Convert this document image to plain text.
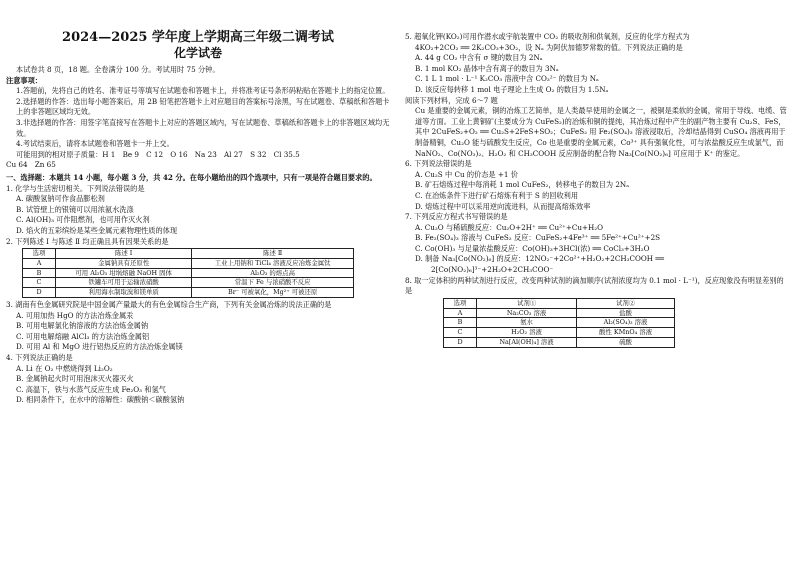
2024—2025 学年度上学期高三年级二调考试
化学试卷

本试卷共 8 页，18 题。全卷满分 100 分。考试用时 75 分钟。

注意事项：

1.答题前，先将自己的姓名、准考证号等填写在试题卷和答题卡上，并将准考证号条形码粘贴在答题卡上的指定位置。

2.选择题的作答：选出每小题答案后，用 2B 铅笔把答题卡上对应题目的答案标号涂黑，写在试题卷、草稿纸和答题卡上的非答题区域均无效。

3.非选择题的作答：用签字笔直接写在答题卡上对应的答题区域内，写在试题卷、草稿纸和答题卡上的非答题区域均无效。

4.考试结束后，请将本试题卷和答题卡一并上交。

可能用到的相对原子质量：H 1　Be 9　C 12　O 16　Na 23　Al 27　S 32　Cl 35.5

Cu 64　Zn 65

一、选择题：本题共 14 小题，每小题 3 分，共 42 分。在每小题给出的四个选项中，只有一项是符合题目要求的。

1. 化学与生活密切相关。下列说法错误的是

A. 碳酸氢钠可作食品膨松剂

B. 试管壁上的银镜可以用浓氨水洗涤

C. Al(OH)₃ 可作阻燃剂，也可用作灭火剂

D. 焰火的五彩缤纷是某些金属元素物理性质的体现

2. 下列陈述 Ⅰ 与陈述 Ⅱ 均正确且具有因果关系的是

选项	陈述 Ⅰ	陈述 Ⅱ
A	金属钠具有还原性	工业上用钠和 TiCl₄ 溶液反应冶炼金属钛
B	可用 Al₂O₃ 坩埚熔融 NaOH 固体	Al₂O₃ 的熔点高
C	铁罐车可用于运输浓硝酸	常温下 Fe 与浓硝酸不反应
D	利用海水制取溴和镁单质	Br⁻ 可被氧化，Mg²⁺ 可被还原

3. 湖南有色金属研究院是中国金属产量最大的有色金属综合生产商，下列有关金属冶炼的说法正确的是

A. 可用加热 HgO 的方法冶炼金属汞

B. 可用电解氯化钠溶液的方法冶炼金属钠

C. 可用电解熔融 AlCl₃ 的方法冶炼金属铝

D. 可用 Al 和 MgO 进行铝热反应的方法冶炼金属镁

4. 下列说法正确的是

A. Li 在 O₂ 中燃烧得到 Li₂O₂

B. 金属钠起火时可用泡沫灭火器灭火

C. 高温下，铁与水蒸气反应生成 Fe₂O₃ 和氢气

D. 相同条件下，在水中的溶解性：碳酸钠＜碳酸氢钠

5. 超氧化钾(KO₂)可用作潜水或宇航装置中 CO₂ 的吸收剂和供氧剂，反应的化学方程式为

4KO₂+2CO₂ ══ 2K₂CO₃+3O₂，设 Nₐ 为阿伏加德罗常数的值。下列说法正确的是

A. 44 g CO₂ 中含有 σ 键的数目为 2Nₐ

B. 1 mol KO₂ 晶体中含有离子的数目为 3Nₐ

C. 1 L 1 mol · L⁻¹ K₂CO₃ 溶液中含 CO₃²⁻ 的数目为 Nₐ

D. 该反应每转移 1 mol 电子理论上生成 O₂ 的数目为 1.5Nₐ

阅读下列材料，完成 6～7 题

Cu 是重要的金属元素，铜的冶炼工艺简单，是人类最早使用的金属之一，被铜是柔软的金属，常用于导线、电缆、管道等方面。工业上黄铜矿(主要成分为 CuFeS₂)的冶炼和铜的提纯，其冶炼过程中产生的副产物主要有 Cu₂S、FeS，其中 2CuFeS₂+O₂ ══ Cu₂S+2FeS+SO₂；CuFeS₂ 用 Fe₂(SO₄)₃ 溶液浸取后，冷却结晶得到 CuSO₄ 溶液再用于制备精铜，Cu₂O 能与硫酸发生反应，Co 也是重要的金属元素，Co³⁺ 具有强氧化性，可与浓盐酸反应生成氯气，而 NaNO₂、Co(NO₃)₂、H₂O₂ 和 CH₃COOH 反应制备的配合物 Na₃[Co(NO₂)₆] 可应用于 K⁺ 的鉴定。

6. 下列说法错误的是

A. Cu₂S 中 Cu 的价态是 +1 价

B. 矿石熔炼过程中每消耗 1 mol CuFeS₂，转移电子的数目为 2Nₐ

C. 在冶炼条件下进行矿石熔炼有利于 S 的回收利用

D. 熔炼过程中可以采用逆向流进料，从而提高熔炼效率

7. 下列反应方程式书写错误的是

A. Cu₂O 与稀硫酸反应：Cu₂O+2H⁺ ══ Cu²⁺+Cu+H₂O

B. Fe₂(SO₄)₃ 溶液与 CuFeS₂ 反应：CuFeS₂+4Fe³⁺ ══ 5Fe²⁺+Cu²⁺+2S

C. Co(OH)₃ 与足量浓盐酸反应：Co(OH)₃+3HCl(浓) ══ CoCl₃+3H₂O

D. 制备 Na₃[Co(NO₂)₆] 的反应：12NO₂⁻+2Co²⁺+H₂O₂+2CH₃COOH ══

2[Co(NO₂)₆]³⁻+2H₂O+2CH₃COO⁻

8. 取一定体积的两种试剂进行反应，改变两种试剂的滴加顺序(试剂浓度均为 0.1 mol · L⁻¹)，反应现象没有明显差别的是

选项	试剂①	试剂②
A	Na₂CO₃ 溶液	盐酸
B	氨水	Al₂(SO₄)₃ 溶液
C	H₂O₂ 溶液	酸性 KMnO₄ 溶液
D	Na[Al(OH)₄] 溶液	硫酸
